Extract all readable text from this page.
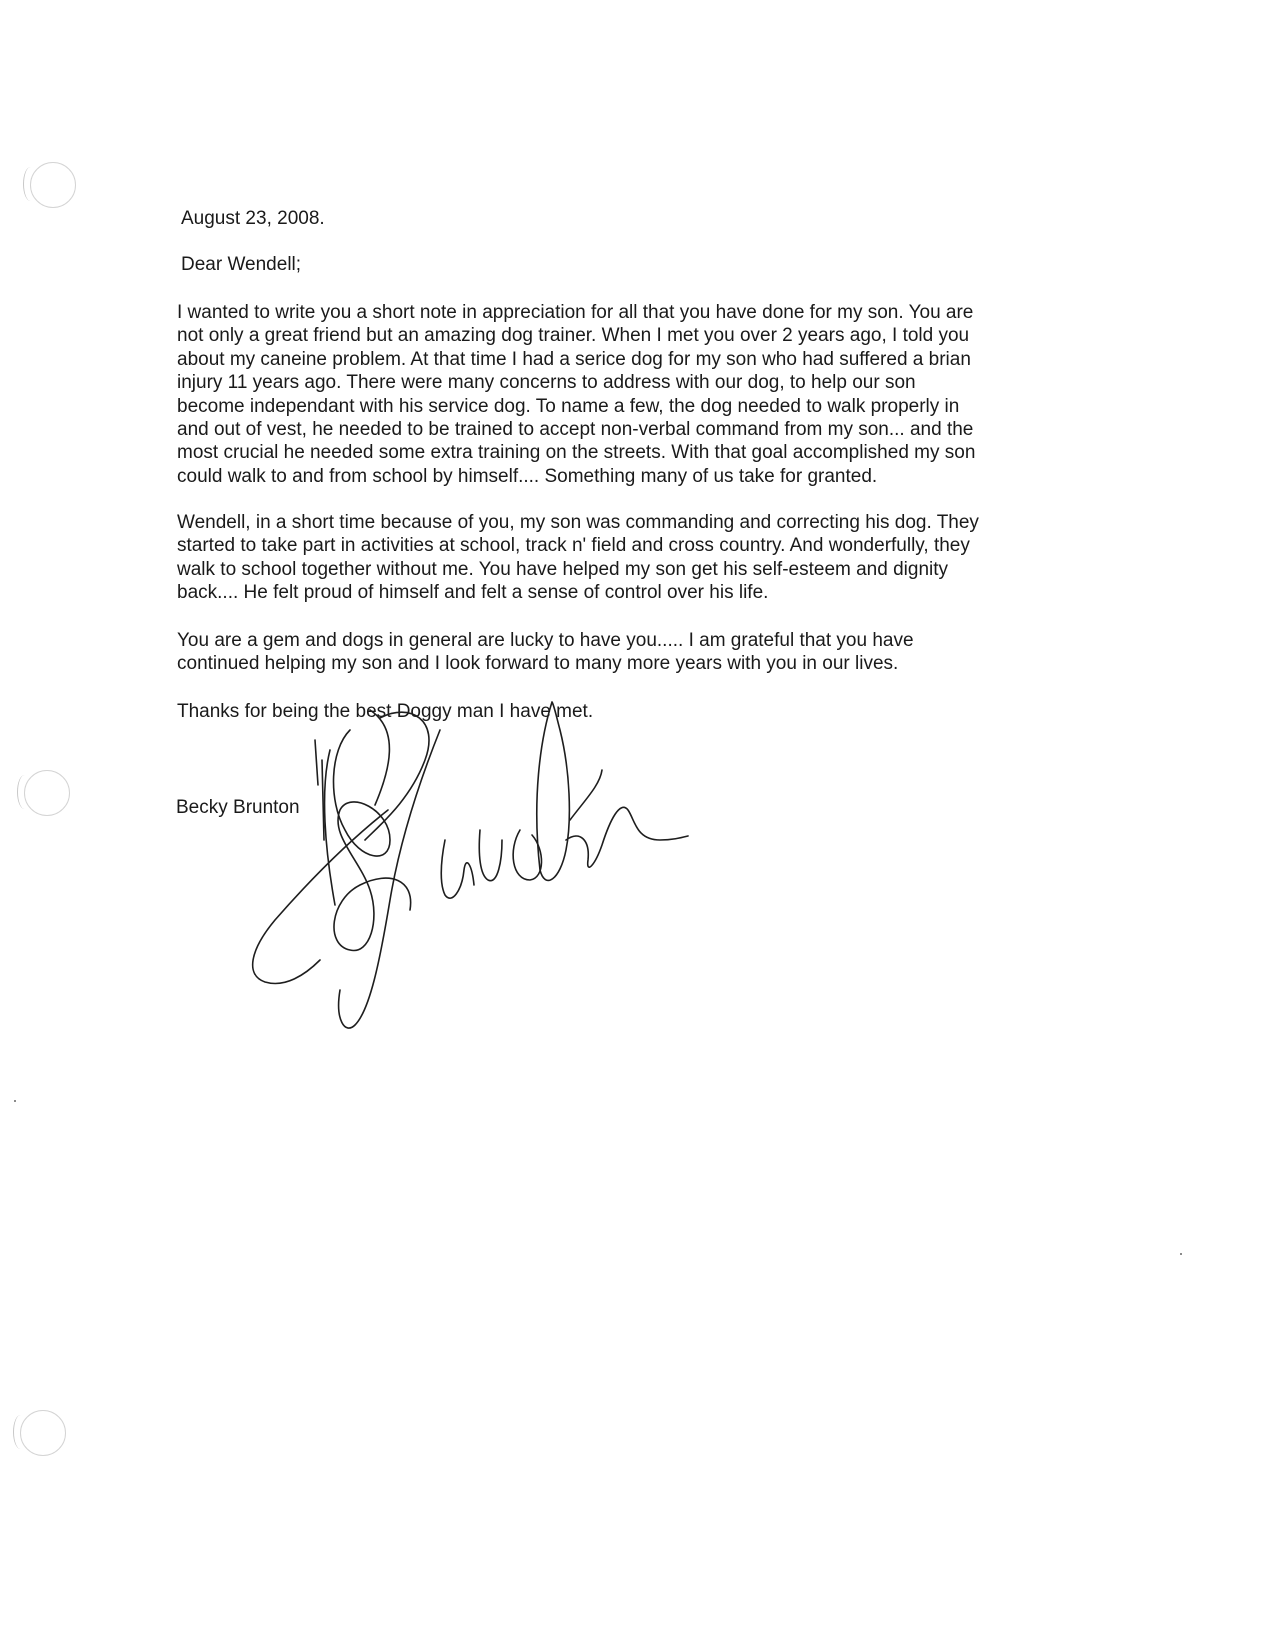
August 23, 2008.
Dear Wendell;
I wanted to write you a short note in appreciation for all that you have done for my son. You are
not only a great friend but an amazing dog trainer. When I met you over 2 years ago, I told you
about my caneine problem. At that time I had a serice dog for my son who had suffered a brian
injury 11 years ago. There were many concerns to address with our dog, to help our son
become independant with his service dog. To name a few, the dog needed to walk properly in
and out of vest, he needed to be trained to accept non-verbal command from my son... and the
most crucial he needed some extra training on the streets. With that goal accomplished my son
could walk to and from school by himself.... Something many of us take for granted.
Wendell, in a short time because of you, my son was commanding and correcting his dog. They
started to take part in activities at school, track n' field and cross country. And wonderfully, they
walk to school together without me. You have helped my son get his self-esteem and dignity
back.... He felt proud of himself and felt a sense of control over his life.
You are a gem and dogs in general are lucky to have you..... I am grateful that you have
continued helping my son and I look forward to many more years with you in our lives.
Thanks for being the best Doggy man I have met.
Becky Brunton
